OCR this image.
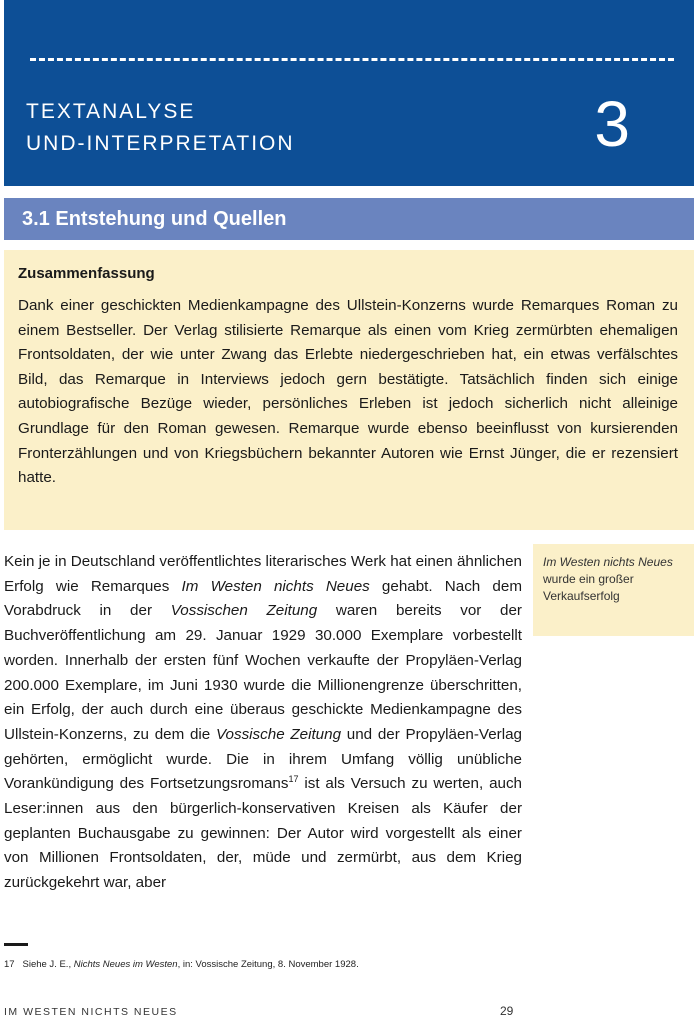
TEXTANALYSE
UND-INTERPRETATION	3
3.1 Entstehung und Quellen
Zusammenfassung

Dank einer geschickten Medienkampagne des Ullstein-Konzerns wurde Remarques Roman zu einem Bestseller. Der Verlag stilisierte Remarque als einen vom Krieg zermürbten ehemaligen Frontsoldaten, der wie unter Zwang das Erlebte niedergeschrieben hat, ein etwas verfälschtes Bild, das Remarque in Interviews jedoch gern bestätigte. Tatsächlich finden sich einige autobiografische Bezüge wieder, persönliches Erleben ist jedoch sicherlich nicht alleinige Grundlage für den Roman gewesen. Remarque wurde ebenso beeinflusst von kursierenden Fronterzählungen und von Kriegsbüchern bekannter Autoren wie Ernst Jünger, die er rezensiert hatte.

Kein je in Deutschland veröffentlichtes literarisches Werk hat einen ähnlichen Erfolg wie Remarques Im Westen nichts Neues gehabt. Nach dem Vorabdruck in der Vossischen Zeitung waren bereits vor der Buchveröffentlichung am 29. Januar 1929 30.000 Exemplare vorbestellt worden. Innerhalb der ersten fünf Wochen verkaufte der Propyläen-Verlag 200.000 Exemplare, im Juni 1930 wurde die Millionengrenze überschritten, ein Erfolg, der auch durch eine überaus geschickte Medienkampagne des Ullstein-Konzerns, zu dem die Vossische Zeitung und der Propyläen-Verlag gehörten, ermöglicht wurde. Die in ihrem Umfang völlig unübliche Vorankündigung des Fortsetzungsromans$^{17}$ ist als Versuch zu werten, auch Leser:innen aus den bürgerlich-konservativen Kreisen als Käufer der geplanten Buchausgabe zu gewinnen: Der Autor wird vorgestellt als einer von Millionen Frontsoldaten, der, müde und zermürbt, aus dem Krieg zurückgekehrt war, aber

Im Westen nichts Neues wurde ein großer Verkaufserfolg
17 Siehe J. E., Nichts Neues im Westen, in: Vossische Zeitung, 8. November 1928.
IM WESTEN NICHTS NEUES	29
